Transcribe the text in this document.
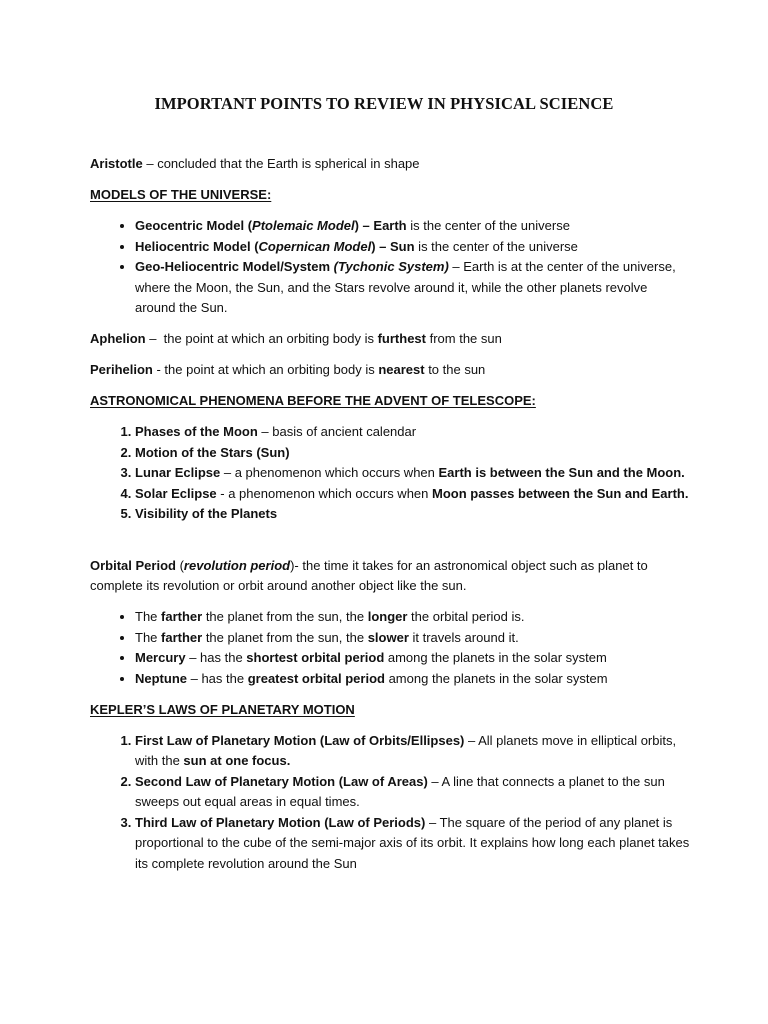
IMPORTANT POINTS TO REVIEW IN PHYSICAL SCIENCE

Aristotle – concluded that the Earth is spherical in shape

MODELS OF THE UNIVERSE:

• Geocentric Model (Ptolemaic Model) – Earth is the center of the universe
• Heliocentric Model (Copernican Model) – Sun is the center of the universe
• Geo-Heliocentric Model/System (Tychonic System) – Earth is at the center of the universe, where the Moon, the Sun, and the Stars revolve around it, while the other planets revolve around the Sun.

Aphelion –  the point at which an orbiting body is furthest from the sun

Perihelion - the point at which an orbiting body is nearest to the sun

ASTRONOMICAL PHENOMENA BEFORE THE ADVENT OF TELESCOPE:

1. Phases of the Moon – basis of ancient calendar
2. Motion of the Stars (Sun)
3. Lunar Eclipse – a phenomenon which occurs when Earth is between the Sun and the Moon.
4. Solar Eclipse - a phenomenon which occurs when Moon passes between the Sun and Earth.
5. Visibility of the Planets

Orbital Period (revolution period)- the time it takes for an astronomical object such as planet to complete its revolution or orbit around another object like the sun.

• The farther the planet from the sun, the longer the orbital period is.
• The farther the planet from the sun, the slower it travels around it.
• Mercury – has the shortest orbital period among the planets in the solar system
• Neptune – has the greatest orbital period among the planets in the solar system

KEPLER’S LAWS OF PLANETARY MOTION

1. First Law of Planetary Motion (Law of Orbits/Ellipses) – All planets move in elliptical orbits, with the sun at one focus.
2. Second Law of Planetary Motion (Law of Areas) – A line that connects a planet to the sun sweeps out equal areas in equal times.
3. Third Law of Planetary Motion (Law of Periods) – The square of the period of any planet is proportional to the cube of the semi-major axis of its orbit. It explains how long each planet takes its complete revolution around the Sun
